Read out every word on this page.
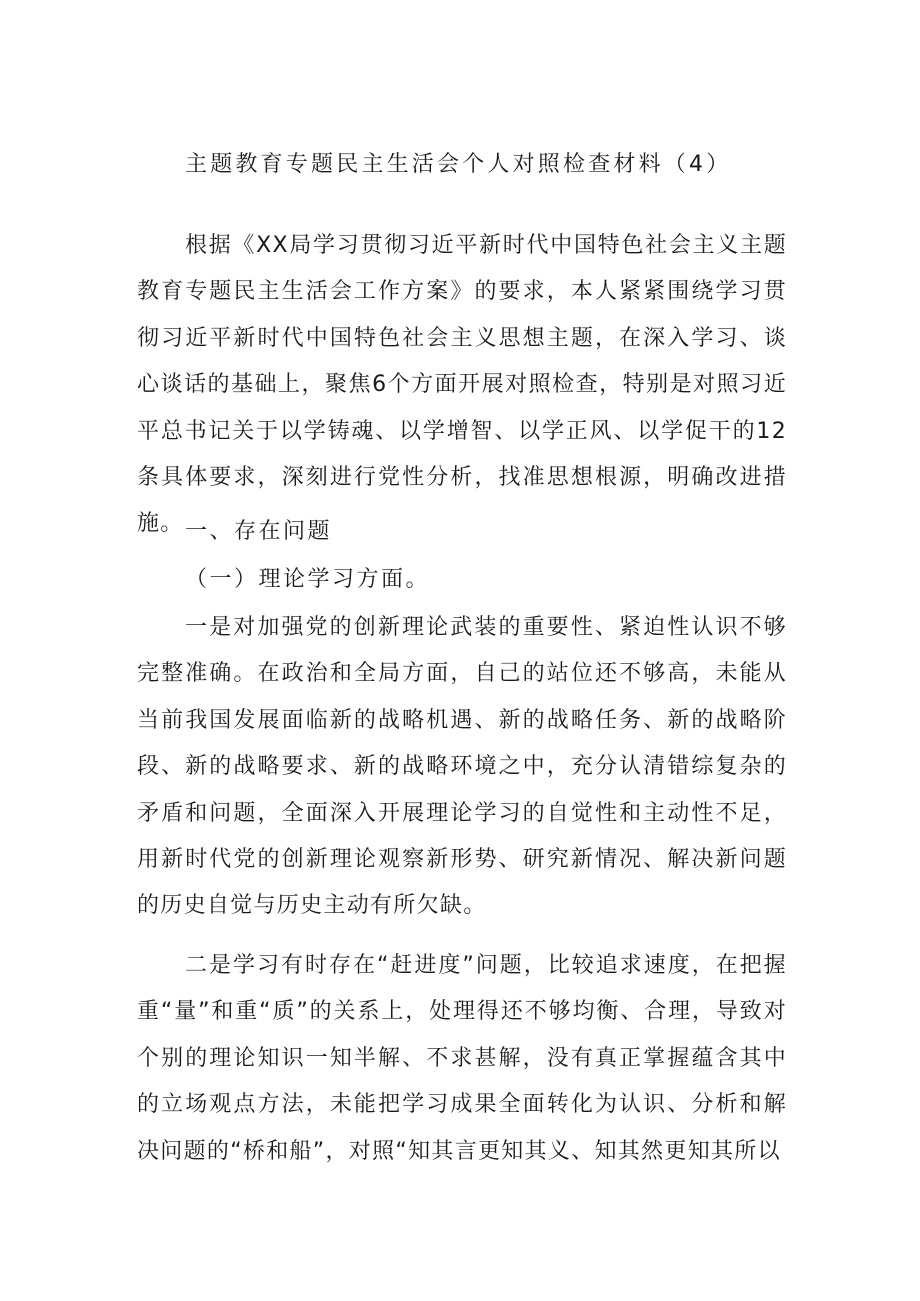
主题教育专题民主生活会个人对照检查材料（4）

根据《XX局学习贯彻习近平新时代中国特色社会主义主题教育专题民主生活会工作方案》的要求，本人紧紧围绕学习贯彻习近平新时代中国特色社会主义思想主题，在深入学习、谈心谈话的基础上，聚焦6个方面开展对照检查，特别是对照习近平总书记关于以学铸魂、以学增智、以学正风、以学促干的12条具体要求，深刻进行党性分析，找准思想根源，明确改进措施。 一、存在问题
（一）理论学习方面。

一是对加强党的创新理论武装的重要性、紧迫性认识不够完整准确。在政治和全局方面，自己的站位还不够高，未能从当前我国发展面临新的战略机遇、新的战略任务、新的战略阶段、新的战略要求、新的战略环境之中，充分认清错综复杂的矛盾和问题，全面深入开展理论学习的自觉性和主动性不足，用新时代党的创新理论观察新形势、研究新情况、解决新问题的历史自觉与历史主动有所欠缺。

二是学习有时存在“赶进度”问题，比较追求速度，在把握重“量”和重“质”的关系上，处理得还不够均衡、合理，导致对个别的理论知识一知半解、不求甚解，没有真正掌握蕴含其中的立场观点方法，未能把学习成果全面转化为认识、分析和解决问题的“桥和船”，对照“知其言更知其义、知其然更知其所以
